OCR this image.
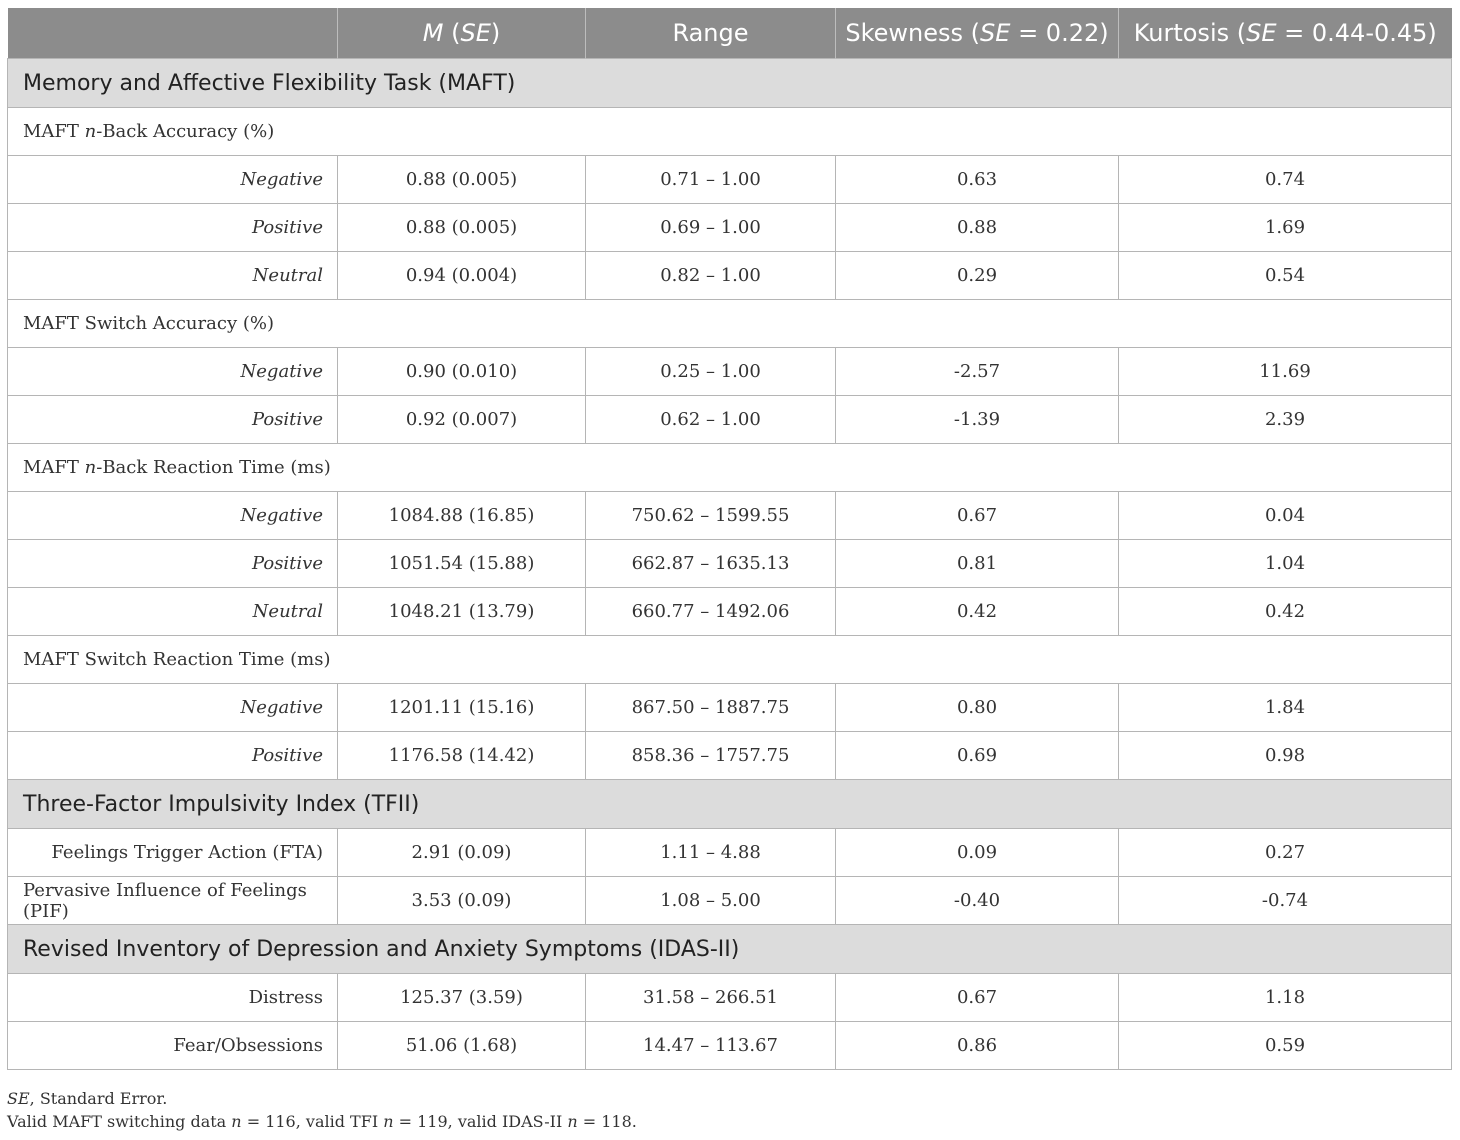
	M (SE)	Range	Skewness (SE = 0.22)	Kurtosis (SE = 0.44-0.45)
Memory and Affective Flexibility Task (MAFT)				
MAFT n-Back Accuracy (%)				
Negative	0.88 (0.005)	0.71 – 1.00	0.63	0.74
Positive	0.88 (0.005)	0.69 – 1.00	0.88	1.69
Neutral	0.94 (0.004)	0.82 – 1.00	0.29	0.54
MAFT Switch Accuracy (%)				
Negative	0.90 (0.010)	0.25 – 1.00	-2.57	11.69
Positive	0.92 (0.007)	0.62 – 1.00	-1.39	2.39
MAFT n-Back Reaction Time (ms)				
Negative	1084.88 (16.85)	750.62 – 1599.55	0.67	0.04
Positive	1051.54 (15.88)	662.87 – 1635.13	0.81	1.04
Neutral	1048.21 (13.79)	660.77 – 1492.06	0.42	0.42
MAFT Switch Reaction Time (ms)				
Negative	1201.11 (15.16)	867.50 – 1887.75	0.80	1.84
Positive	1176.58 (14.42)	858.36 – 1757.75	0.69	0.98
Three-Factor Impulsivity Index (TFII)				
Feelings Trigger Action (FTA)	2.91 (0.09)	1.11 – 4.88	0.09	0.27
Pervasive Influence of Feelings (PIF)	3.53 (0.09)	1.08 – 5.00	-0.40	-0.74
Revised Inventory of Depression and Anxiety Symptoms (IDAS-II)				
Distress	125.37 (3.59)	31.58 – 266.51	0.67	1.18
Fear/Obsessions	51.06 (1.68)	14.47 – 113.67	0.86	0.59
SE, Standard Error.
Valid MAFT switching data n = 116, valid TFI n = 119, valid IDAS-II n = 118.
